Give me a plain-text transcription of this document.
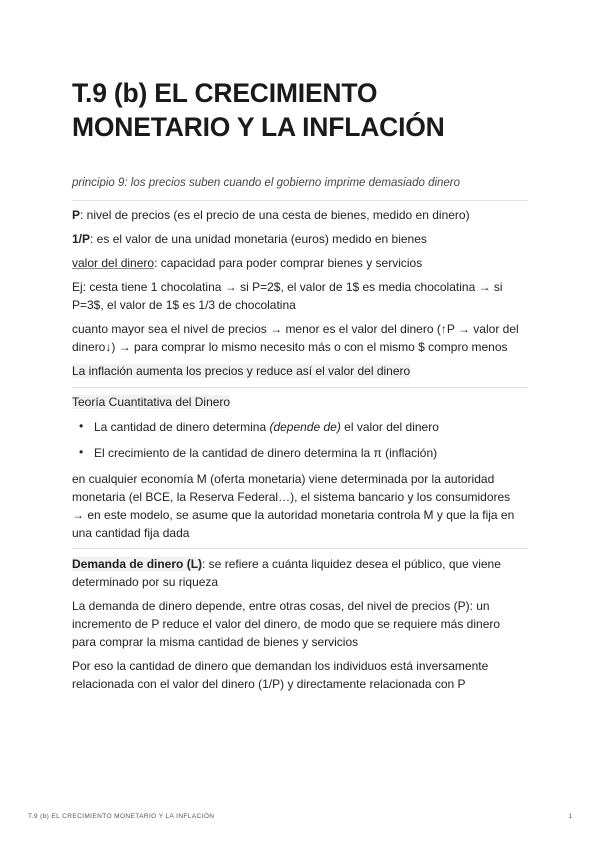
T.9 (b) EL CRECIMIENTO
MONETARIO Y LA INFLACIÓN
principio 9: los precios suben cuando el gobierno imprime demasiado dinero
P: nivel de precios (es el precio de una cesta de bienes, medido en dinero)
1/P: es el valor de una unidad monetaria (euros) medido en bienes
valor del dinero: capacidad para poder comprar bienes y servicios
Ej: cesta tiene 1 chocolatina → si P=2$, el valor de 1$ es media chocolatina → si
P=3$, el valor de 1$ es 1/3 de chocolatina
cuanto mayor sea el nivel de precios → menor es el valor del dinero (↑P → valor del
dinero↓) → para comprar lo mismo necesito más o con el mismo $ compro menos
La inflación aumenta los precios y reduce así el valor del dinero
Teoría Cuantitativa del Dinero
• La cantidad de dinero determina (depende de) el valor del dinero
• El crecimiento de la cantidad de dinero determina la π (inflación)
en cualquier economía M (oferta monetaria) viene determinada por la autoridad
monetaria (el BCE, la Reserva Federal…), el sistema bancario y los consumidores
→ en este modelo, se asume que la autoridad monetaria controla M y que la fija en
una cantidad fija dada
Demanda de dinero (L): se refiere a cuánta liquidez desea el público, que viene
determinado por su riqueza
La demanda de dinero depende, entre otras cosas, del nivel de precios (P): un
incremento de P reduce el valor del dinero, de modo que se requiere más dinero
para comprar la misma cantidad de bienes y servicios
Por eso la cantidad de dinero que demandan los individuos está inversamente
relacionada con el valor del dinero (1/P) y directamente relacionada con P
T.9 (b) EL CRECIMIENTO MONETARIO Y LA INFLACIÓN	1
